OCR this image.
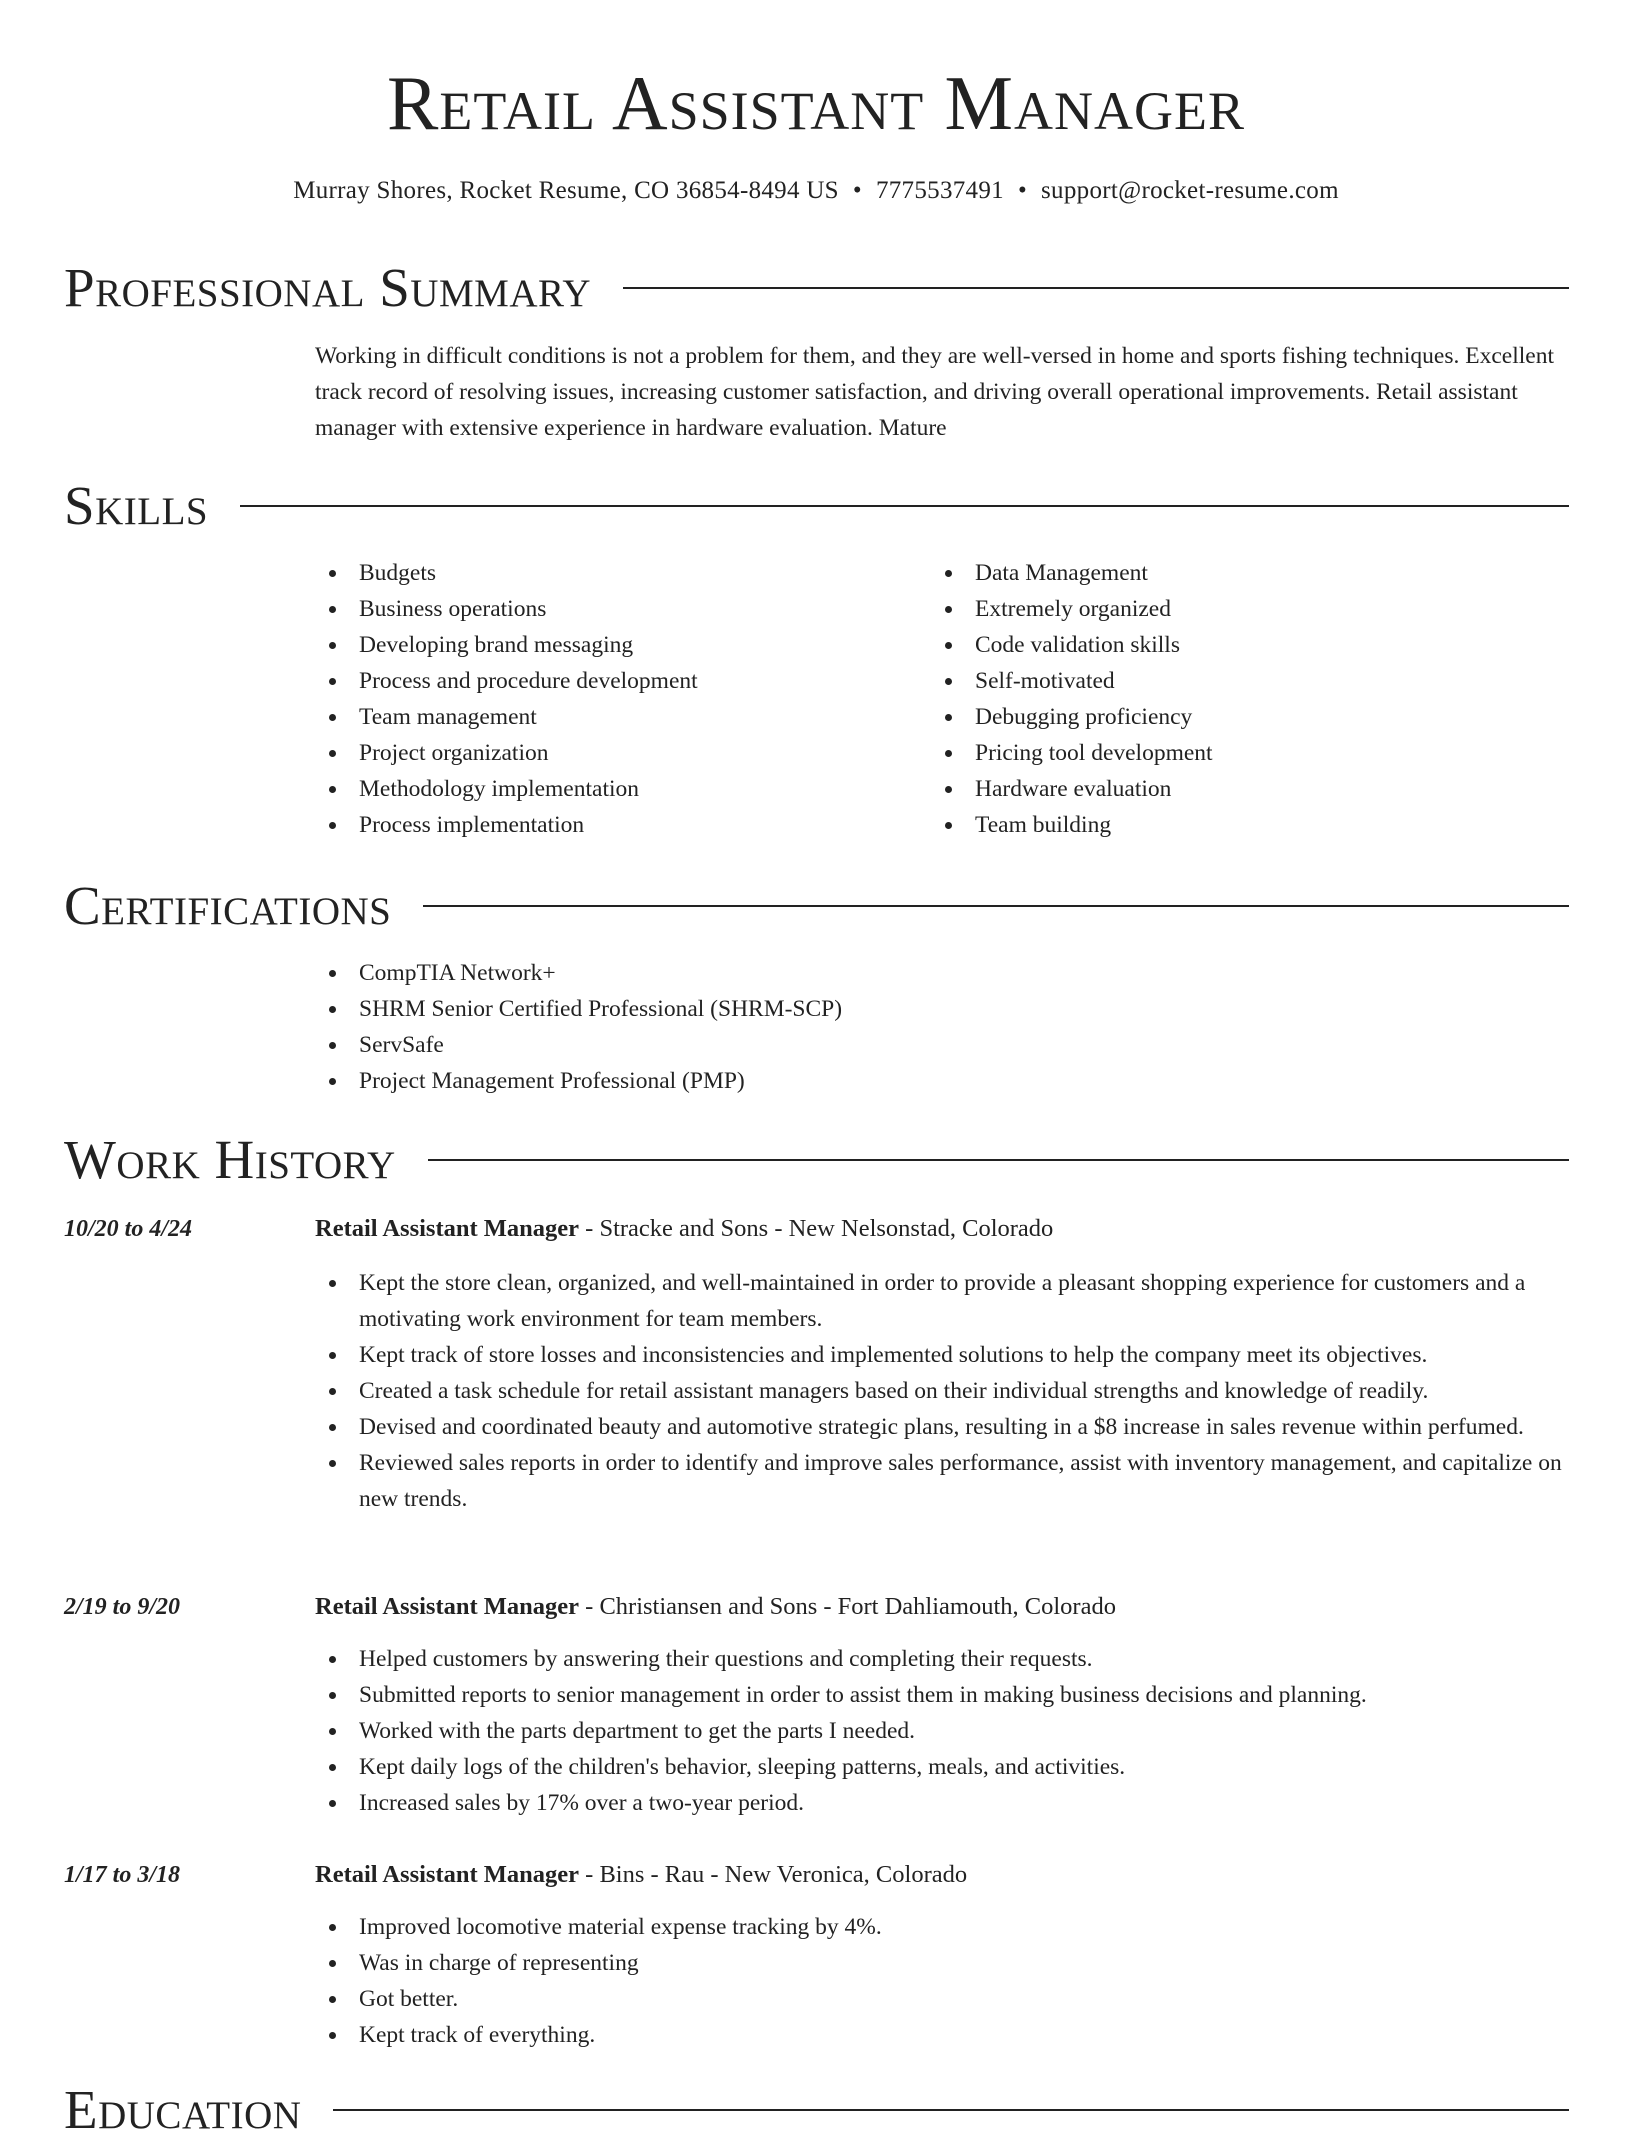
Retail Assistant Manager
Murray Shores, Rocket Resume, CO 36854-8494 US • 7775537491 • support@rocket-resume.com
Professional Summary
Working in difficult conditions is not a problem for them, and they are well-versed in home and sports fishing techniques. Excellent track record of resolving issues, increasing customer satisfaction, and driving overall operational improvements. Retail assistant manager with extensive experience in hardware evaluation. Mature
Skills
Budgets
Business operations
Developing brand messaging
Process and procedure development
Team management
Project organization
Methodology implementation
Process implementation
Data Management
Extremely organized
Code validation skills
Self-motivated
Debugging proficiency
Pricing tool development
Hardware evaluation
Team building
Certifications
CompTIA Network+
SHRM Senior Certified Professional (SHRM-SCP)
ServSafe
Project Management Professional (PMP)
Work History
10/20 to 4/24	Retail Assistant Manager - Stracke and Sons - New Nelsonstad, Colorado
Kept the store clean, organized, and well-maintained in order to provide a pleasant shopping experience for customers and a motivating work environment for team members.
Kept track of store losses and inconsistencies and implemented solutions to help the company meet its objectives.
Created a task schedule for retail assistant managers based on their individual strengths and knowledge of readily.
Devised and coordinated beauty and automotive strategic plans, resulting in a $8 increase in sales revenue within perfumed.
Reviewed sales reports in order to identify and improve sales performance, assist with inventory management, and capitalize on new trends.
2/19 to 9/20	Retail Assistant Manager - Christiansen and Sons - Fort Dahliamouth, Colorado
Helped customers by answering their questions and completing their requests.
Submitted reports to senior management in order to assist them in making business decisions and planning.
Worked with the parts department to get the parts I needed.
Kept daily logs of the children's behavior, sleeping patterns, meals, and activities.
Increased sales by 17% over a two-year period.
1/17 to 3/18	Retail Assistant Manager - Bins - Rau - New Veronica, Colorado
Improved locomotive material expense tracking by 4%.
Was in charge of representing
Got better.
Kept track of everything.
Education
